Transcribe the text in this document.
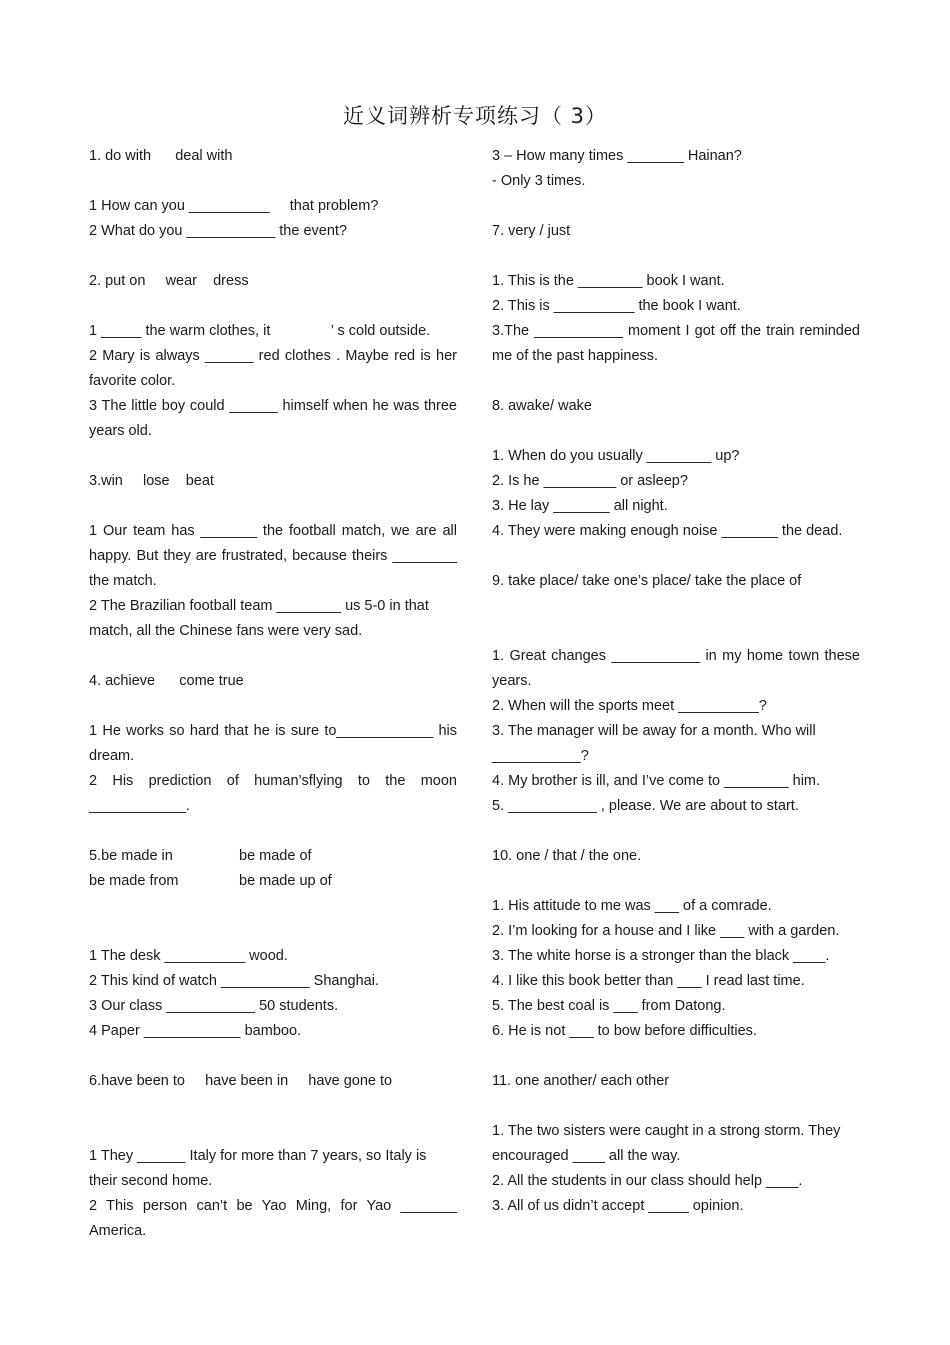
近义词辨析专项练习（ 3）
1. do with      deal with
1 How can you __________     that problem?
2 What do you ___________ the event?
2. put on     wear    dress
1 _____ the warm clothes, it               ’ s cold outside.
2 Mary is always ______ red clothes . Maybe red is her favorite color.
3 The little boy could ______ himself when he was three years old.
3.win     lose    beat
1 Our team has _______ the football match, we are all happy. But they are frustrated, because theirs ________ the match.
2 The Brazilian football team ________ us 5-0 in that match, all the Chinese fans were very sad.
4. achieve      come true
1 He works so hard that he is sure to____________ his dream.
2 His prediction of human’sflying to the moon ____________.
5.be made in	be made of
be made from	be made up of
1 The desk __________ wood.
2 This kind of watch ___________ Shanghai.
3 Our class ___________ 50 students.
4 Paper ____________ bamboo.
6.have been to     have been in     have gone to
1 They ______ Italy for more than 7 years, so Italy is their second home.
2 This person can’t be Yao Ming, for Yao _______ America.
3 – How many times _______ Hainan?
- Only 3 times.
7. very / just
1. This is the ________ book I want.
2. This is __________ the book I want.
3.The ___________ moment I got off the train reminded me of the past happiness.
8. awake/ wake
1. When do you usually ________ up?
2. Is he _________ or asleep?
3. He lay _______ all night.
4. They were making enough noise _______ the dead.
9. take place/ take one’s place/ take the place of
1. Great changes ___________ in my home town these years.
2. When will the sports meet __________?
3. The manager will be away for a month. Who will ___________?
4. My brother is ill, and I’ve come to ________ him.
5. ___________ , please. We are about to start.
10. one / that / the one.
1. His attitude to me was ___ of a comrade.
2. I’m looking for a house and I like ___ with a garden.
3. The white horse is a stronger than the black ____.
4. I like this book better than ___ I read last time.
5. The best coal is ___ from Datong.
6. He is not ___ to bow before difficulties.
11. one another/ each other
1. The two sisters were caught in a strong storm. They encouraged ____ all the way.
2. All the students in our class should help ____.
3. All of us didn’t accept _____ opinion.
